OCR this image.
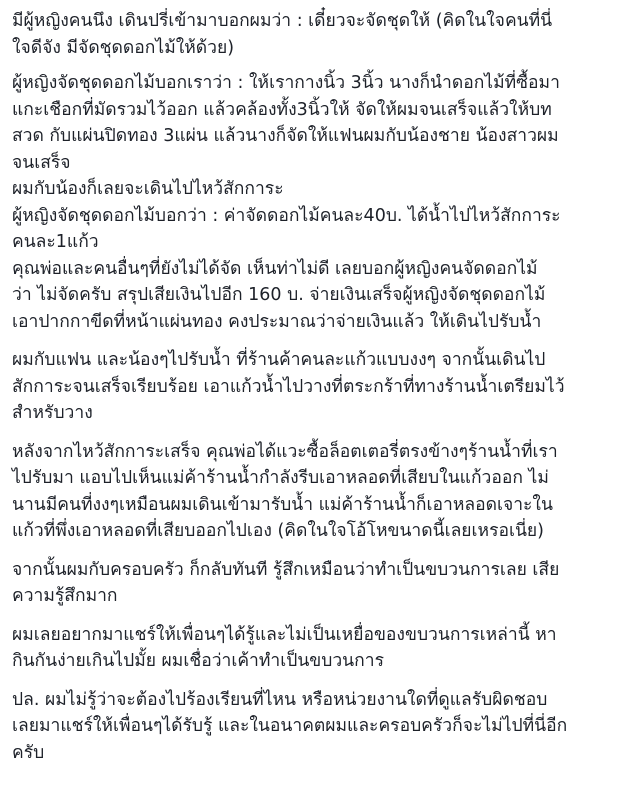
มีผู้หญิงคนนึง เดินปรี่เข้ามาบอกผมว่า : เดี๋ยวจะจัดชุดให้ (คิดในใจคนที่นี่
ใจดีจัง มีจัดชุดดอกไม้ให้ด้วย)

ผู้หญิงจัดชุดดอกไม้บอกเราว่า : ให้เรากางนิ้ว 3นิ้ว นางก็นำดอกไม้ที่ซื้อมา
แกะเชือกที่มัดรวมไว้ออก แล้วคล้องทั้ง3นิ้วให้ จัดให้ผมจนเสร็จแล้วให้บท
สวด กับแผ่นปิดทอง 3แผ่น แล้วนางก็จัดให้แฟนผมกับน้องชาย น้องสาวผม
จนเสร็จ

ผมกับน้องก็เลยจะเดินไปไหว้สักการะ

ผู้หญิงจัดชุดดอกไม้บอกว่า : ค่าจัดดอกไม้คนละ40บ. ได้น้ำไปไหว้สักการะ
คนละ1แก้ว

คุณพ่อและคนอื่นๆที่ยังไม่ได้จัด เห็นท่าไม่ดี เลยบอกผู้หญิงคนจัดดอกไม้
ว่า ไม่จัดครับ สรุปเสียเงินไปอีก 160 บ. จ่ายเงินเสร็จผู้หญิงจัดชุดดอกไม้
เอาปากกาขีดที่หน้าแผ่นทอง คงประมาณว่าจ่ายเงินแล้ว ให้เดินไปรับน้ำ

ผมกับแฟน และน้องๆไปรับน้ำ ที่ร้านค้าคนละแก้วแบบงงๆ จากนั้นเดินไป
สักการะจนเสร็จเรียบร้อย เอาแก้วน้ำไปวางที่ตระกร้าที่ทางร้านน้ำเตรียมไว้
สำหรับวาง

หลังจากไหว้สักการะเสร็จ คุณพ่อได้แวะซื้อล็อตเตอรี่ตรงข้างๆร้านน้ำที่เรา
ไปรับมา แอบไปเห็นแม่ค้าร้านน้ำกำลังรีบเอาหลอดที่เสียบในแก้วออก ไม่
นานมีคนที่งงๆเหมือนผมเดินเข้ามารับน้ำ แม่ค้าร้านน้ำก็เอาหลอดเจาะใน
แก้วที่พึ่งเอาหลอดที่เสียบออกไปเอง (คิดในใจโอ้โหขนาดนี้เลยเหรอเนี่ย)

จากนั้นผมกับครอบครัว ก็กลับทันที รู้สึกเหมือนว่าทำเป็นขบวนการเลย เสีย
ความรู้สึกมาก

ผมเลยอยากมาแชร์ให้เพื่อนๆได้รู้และไม่เป็นเหยื่อของขบวนการเหล่านี้ หา
กินกันง่ายเกินไปมั้ย ผมเชื่อว่าเค้าทำเป็นขบวนการ

ปล. ผมไม่รู้ว่าจะต้องไปร้องเรียนที่ไหน หรือหน่วยงานใดที่ดูแลรับผิดชอบ
เลยมาแชร์ให้เพื่อนๆได้รับรู้ และในอนาคตผมและครอบครัวก็จะไม่ไปที่นี่อีก
ครับ
